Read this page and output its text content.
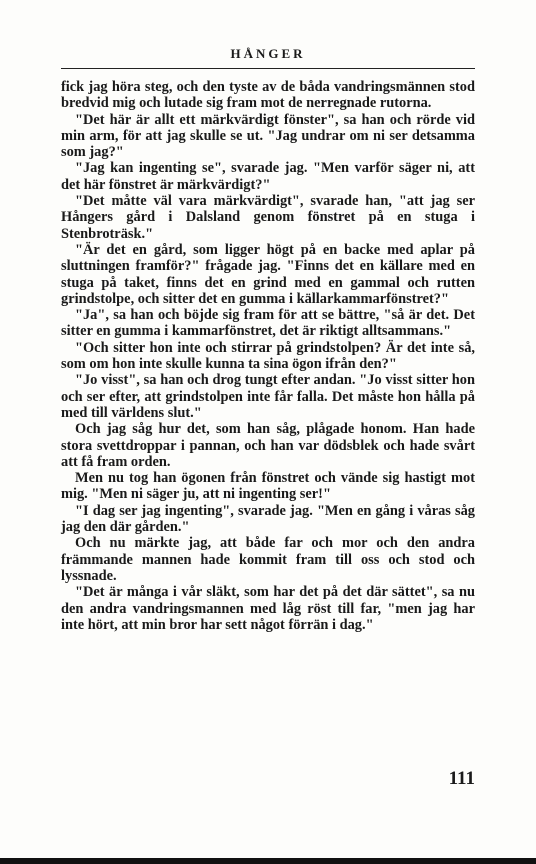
HÅNGER

fick jag höra steg, och den tyste av de båda vandringsmännen stod bredvid mig och lutade sig fram mot de nerregnade rutorna.

"Det här är allt ett märkvärdigt fönster", sa han och rörde vid min arm, för att jag skulle se ut. "Jag undrar om ni ser detsamma som jag?"

"Jag kan ingenting se", svarade jag. "Men varför säger ni, att det här fönstret är märkvärdigt?"

"Det måtte väl vara märkvärdigt", svarade han, "att jag ser Hångers gård i Dalsland genom fönstret på en stuga i Stenbroträsk."

"Är det en gård, som ligger högt på en backe med aplar på sluttningen framför?" frågade jag. "Finns det en källare med en stuga på taket, finns det en grind med en gammal och rutten grindstolpe, och sitter det en gumma i källarkammarfönstret?"

"Ja", sa han och böjde sig fram för att se bättre, "så är det. Det sitter en gumma i kammarfönstret, det är riktigt alltsammans."

"Och sitter hon inte och stirrar på grindstolpen? Är det inte så, som om hon inte skulle kunna ta sina ögon ifrån den?"

"Jo visst", sa han och drog tungt efter andan. "Jo visst sitter hon och ser efter, att grindstolpen inte får falla. Det måste hon hålla på med till världens slut."

Och jag såg hur det, som han såg, plågade honom. Han hade stora svettdroppar i pannan, och han var dödsblek och hade svårt att få fram orden.

Men nu tog han ögonen från fönstret och vände sig hastigt mot mig. "Men ni säger ju, att ni ingenting ser!"

"I dag ser jag ingenting", svarade jag. "Men en gång i våras såg jag den där gården."

Och nu märkte jag, att både far och mor och den andra främmande mannen hade kommit fram till oss och stod och lyssnade.

"Det är många i vår släkt, som har det på det där sättet", sa nu den andra vandringsmannen med låg röst till far, "men jag har inte hört, att min bror har sett något förrän i dag."

111
